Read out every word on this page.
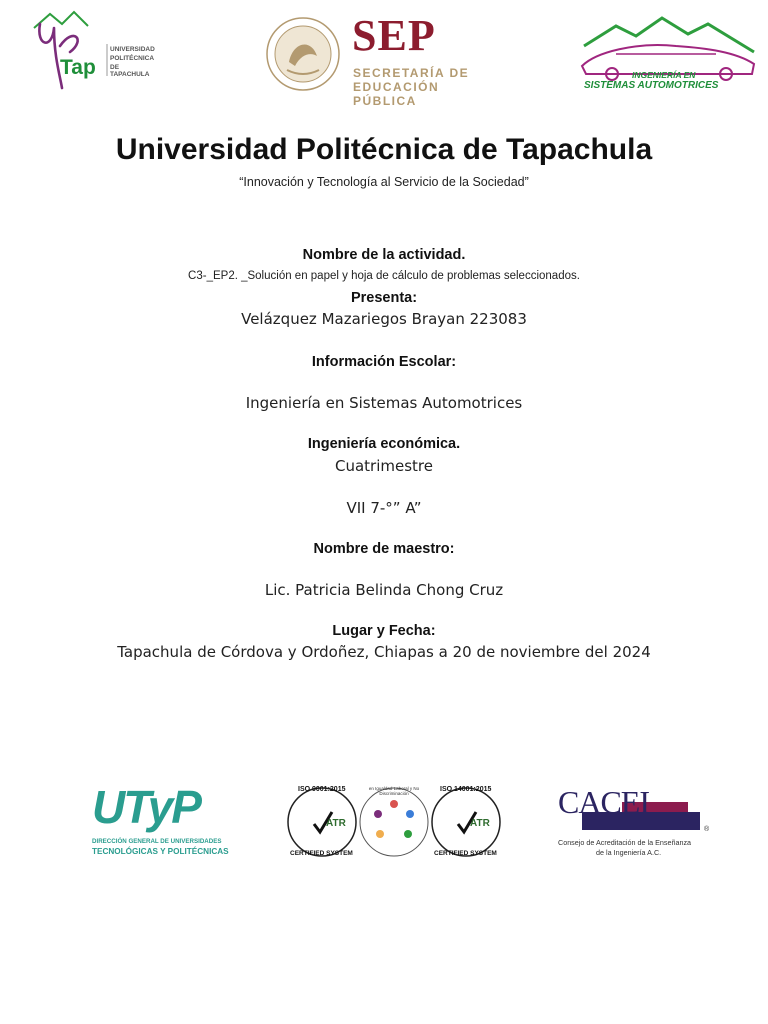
Tap
UNIVERSIDAD
POLITÉCNICA
DE TAPACHULA
SEP
SECRETARÍA DE
EDUCACIÓN PÚBLICA
INGENIERÍA EN
SISTEMAS AUTOMOTRICES
Universidad Politécnica de Tapachula
“Innovación y Tecnología al Servicio de la Sociedad”
Nombre de la actividad.
C3-_EP2. _Solución en papel y hoja de cálculo de problemas seleccionados.
Presenta:
Velázquez Mazariegos Brayan 223083
Información Escolar:
Ingeniería en Sistemas Automotrices
Ingeniería económica.
Cuatrimestre
VII 7-°” A”
Nombre de maestro:
Lic. Patricia Belinda Chong Cruz
Lugar y Fecha:
Tapachula de Córdova y Ordoñez, Chiapas a 20 de noviembre del 2024
UTyP
DIRECCIÓN GENERAL DE UNIVERSIDADES
TECNOLÓGICAS Y POLITÉCNICAS
ISO 9001:2015	en Igualdad Laboral y No Discriminación
ISO 14001:2015
ATR	ATR
CERTIFIED SYSTEM	CERTIFIED SYSTEM
CACEI
®
Consejo de Acreditación de la Enseñanza
de la Ingeniería A.C.
